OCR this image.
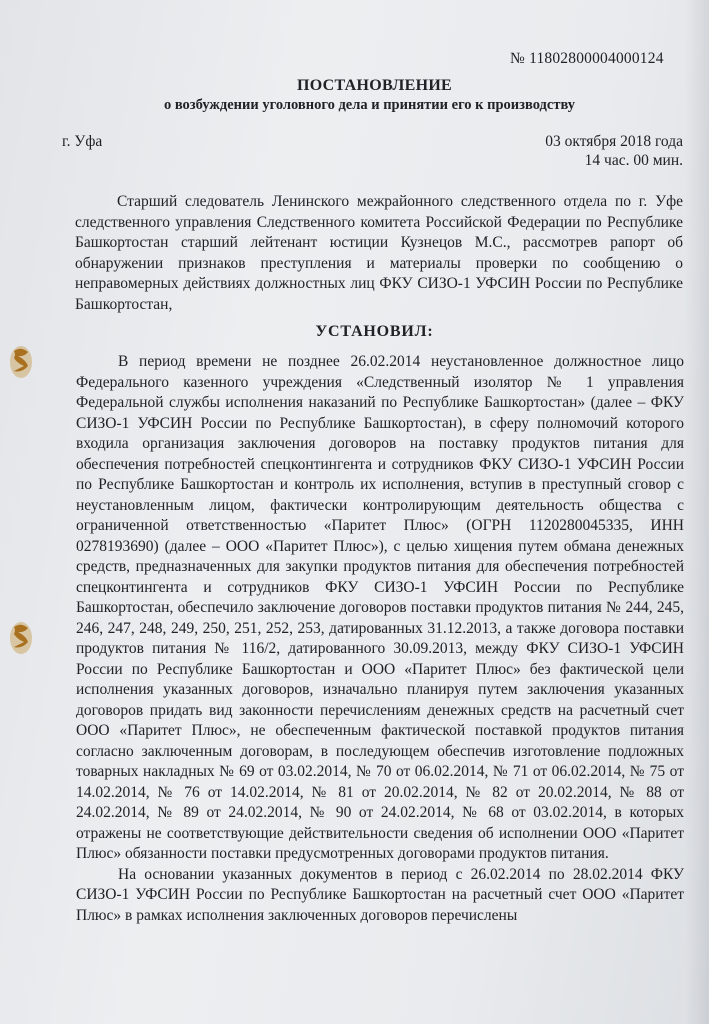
№ 11802800004000124
ПОСТАНОВЛЕНИЕ
о возбуждении уголовного дела и принятии его к производству
г. Уфа	03 октября 2018 года
14 час. 00 мин.

Старший следователь Ленинского межрайонного следственного отдела по г. Уфе следственного управления Следственного комитета Российской Федерации по Республике Башкортостан старший лейтенант юстиции Кузнецов М.С., рассмотрев рапорт об обнаружении признаков преступления и материалы проверки по сообщению о неправомерных действиях должностных лиц ФКУ СИЗО-1 УФСИН России по Республике Башкортостан,

УСТАНОВИЛ:

В период времени не позднее 26.02.2014 неустановленное должностное лицо Федерального казенного учреждения «Следственный изолятор № 1 управления Федеральной службы исполнения наказаний по Республике Башкортостан» (далее – ФКУ СИЗО-1 УФСИН России по Республике Башкортостан), в сферу полномочий которого входила организация заключения договоров на поставку продуктов питания для обеспечения потребностей спецконтингента и сотрудников ФКУ СИЗО-1 УФСИН России по Республике Башкортостан и контроль их исполнения, вступив в преступный сговор с неустановленным лицом, фактически контролирующим деятельность общества с ограниченной ответственностью «Паритет Плюс» (ОГРН 1120280045335, ИНН 0278193690) (далее – ООО «Паритет Плюс»), с целью хищения путем обмана денежных средств, предназначенных для закупки продуктов питания для обеспечения потребностей спецконтингента и сотрудников ФКУ СИЗО-1 УФСИН России по Республике Башкортостан, обеспечило заключение договоров поставки продуктов питания № 244, 245, 246, 247, 248, 249, 250, 251, 252, 253, датированных 31.12.2013, а также договора поставки продуктов питания № 116/2, датированного 30.09.2013, между ФКУ СИЗО-1 УФСИН России по Республике Башкортостан и ООО «Паритет Плюс» без фактической цели исполнения указанных договоров, изначально планируя путем заключения указанных договоров придать вид законности перечислениям денежных средств на расчетный счет ООО «Паритет Плюс», не обеспеченным фактической поставкой продуктов питания согласно заключенным договорам, в последующем обеспечив изготовление подложных товарных накладных № 69 от 03.02.2014, № 70 от 06.02.2014, № 71 от 06.02.2014, № 75 от 14.02.2014, № 76 от 14.02.2014, № 81 от 20.02.2014, № 82 от 20.02.2014, № 88 от 24.02.2014, № 89 от 24.02.2014, № 90 от 24.02.2014, № 68 от 03.02.2014, в которых отражены не соответствующие действительности сведения об исполнении ООО «Паритет Плюс» обязанности поставки предусмотренных договорами продуктов питания.

На основании указанных документов в период с 26.02.2014 по 28.02.2014 ФКУ СИЗО-1 УФСИН России по Республике Башкортостан на расчетный счет ООО «Паритет Плюс» в рамках исполнения заключенных договоров перечислены
